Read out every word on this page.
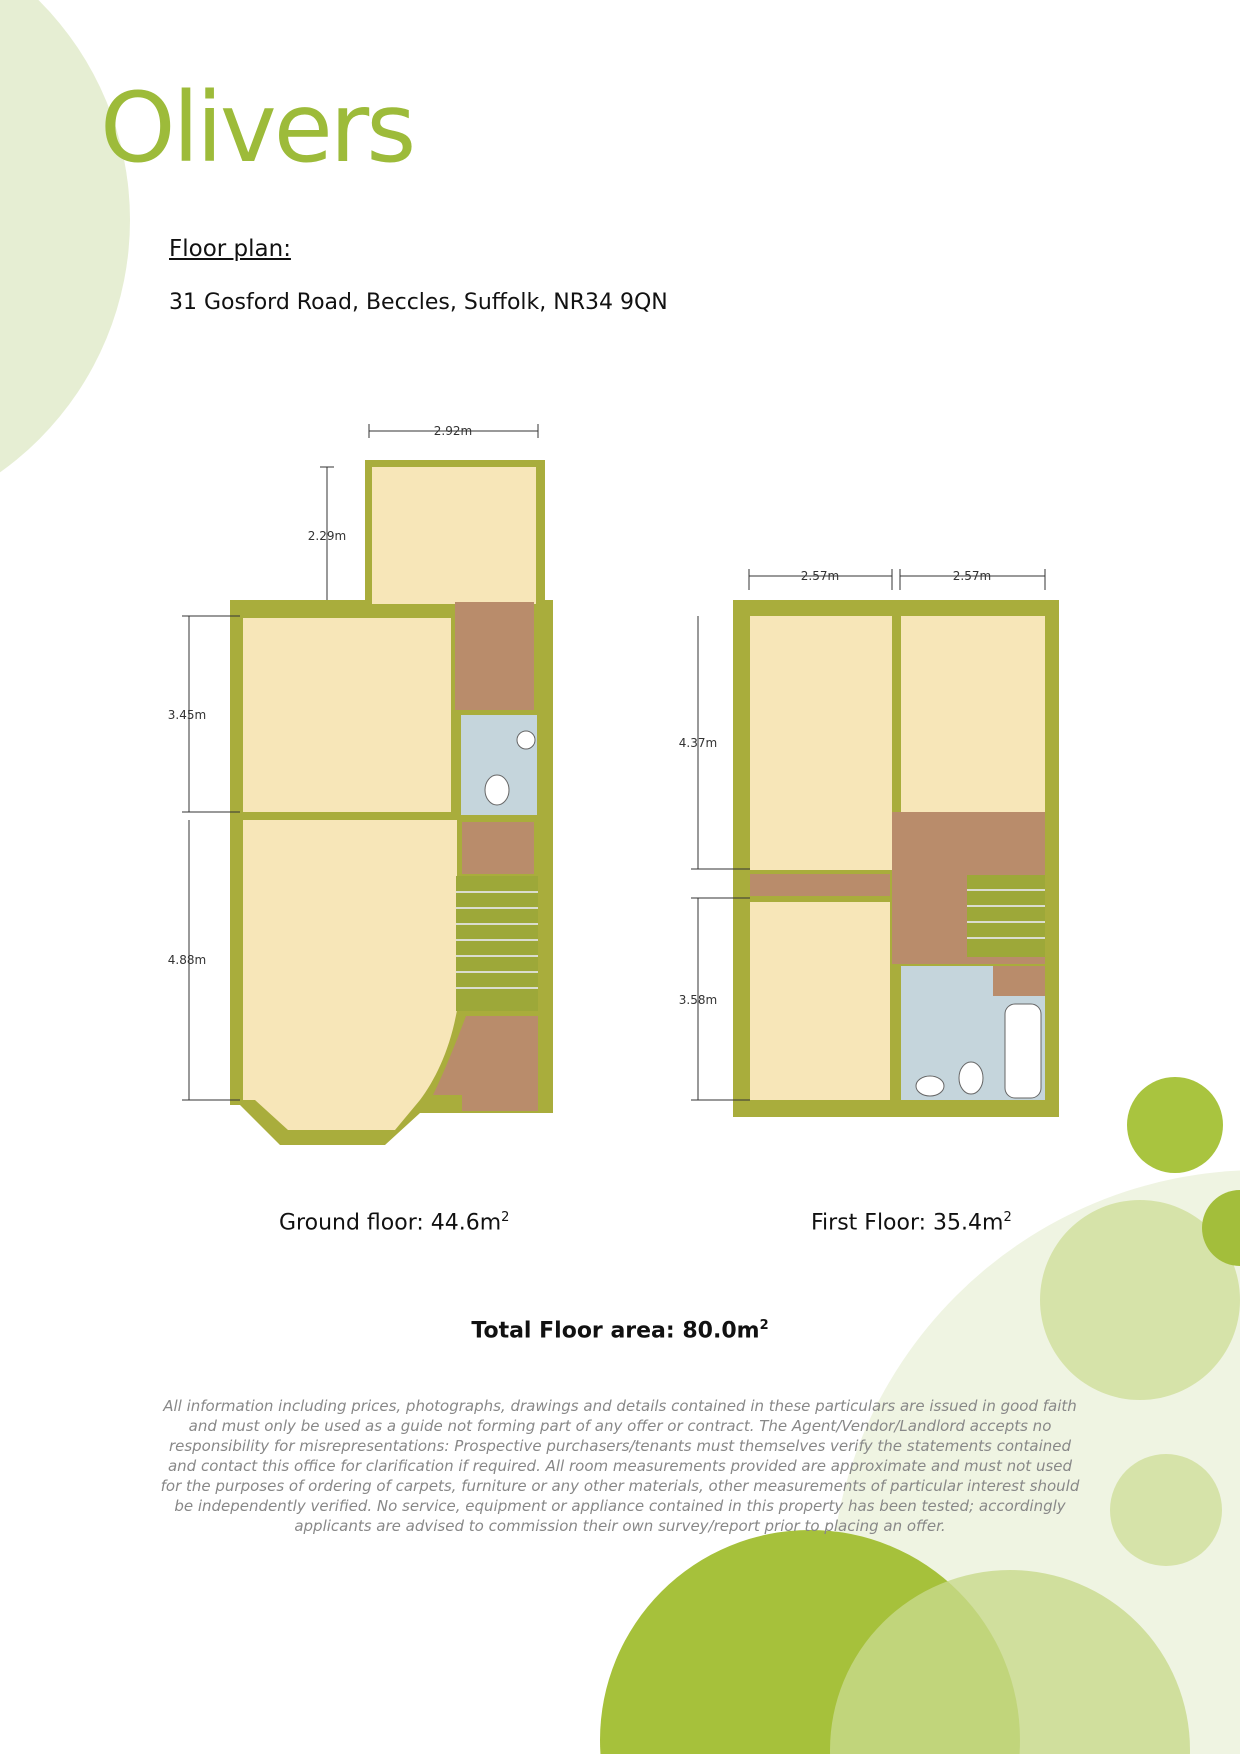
Olivers
Floor plan:
31 Gosford Road, Beccles, Suffolk, NR34 9QN
2.92m
2.29m
3.45m
4.88m
2.57m	2.57m
4.37m
3.58m
Ground floor: $44.6m^2$	First Floor: $35.4m^2$
Total Floor area: $80.0m^2$
All information including prices, photographs, drawings and details contained in these particulars are issued in good faith and must only be used as a guide not forming part of any offer or contract. The Agent/Vendor/Landlord accepts no responsibility for misrepresentations: Prospective purchasers/tenants must themselves verify the statements contained and contact this office for clarification if required. All room measurements provided are approximate and must not used for the purposes of ordering of carpets, furniture or any other materials, other measurements of particular interest should be independently verified. No service, equipment or appliance contained in this property has been tested; accordingly applicants are advised to commission their own survey/report prior to placing an offer.
